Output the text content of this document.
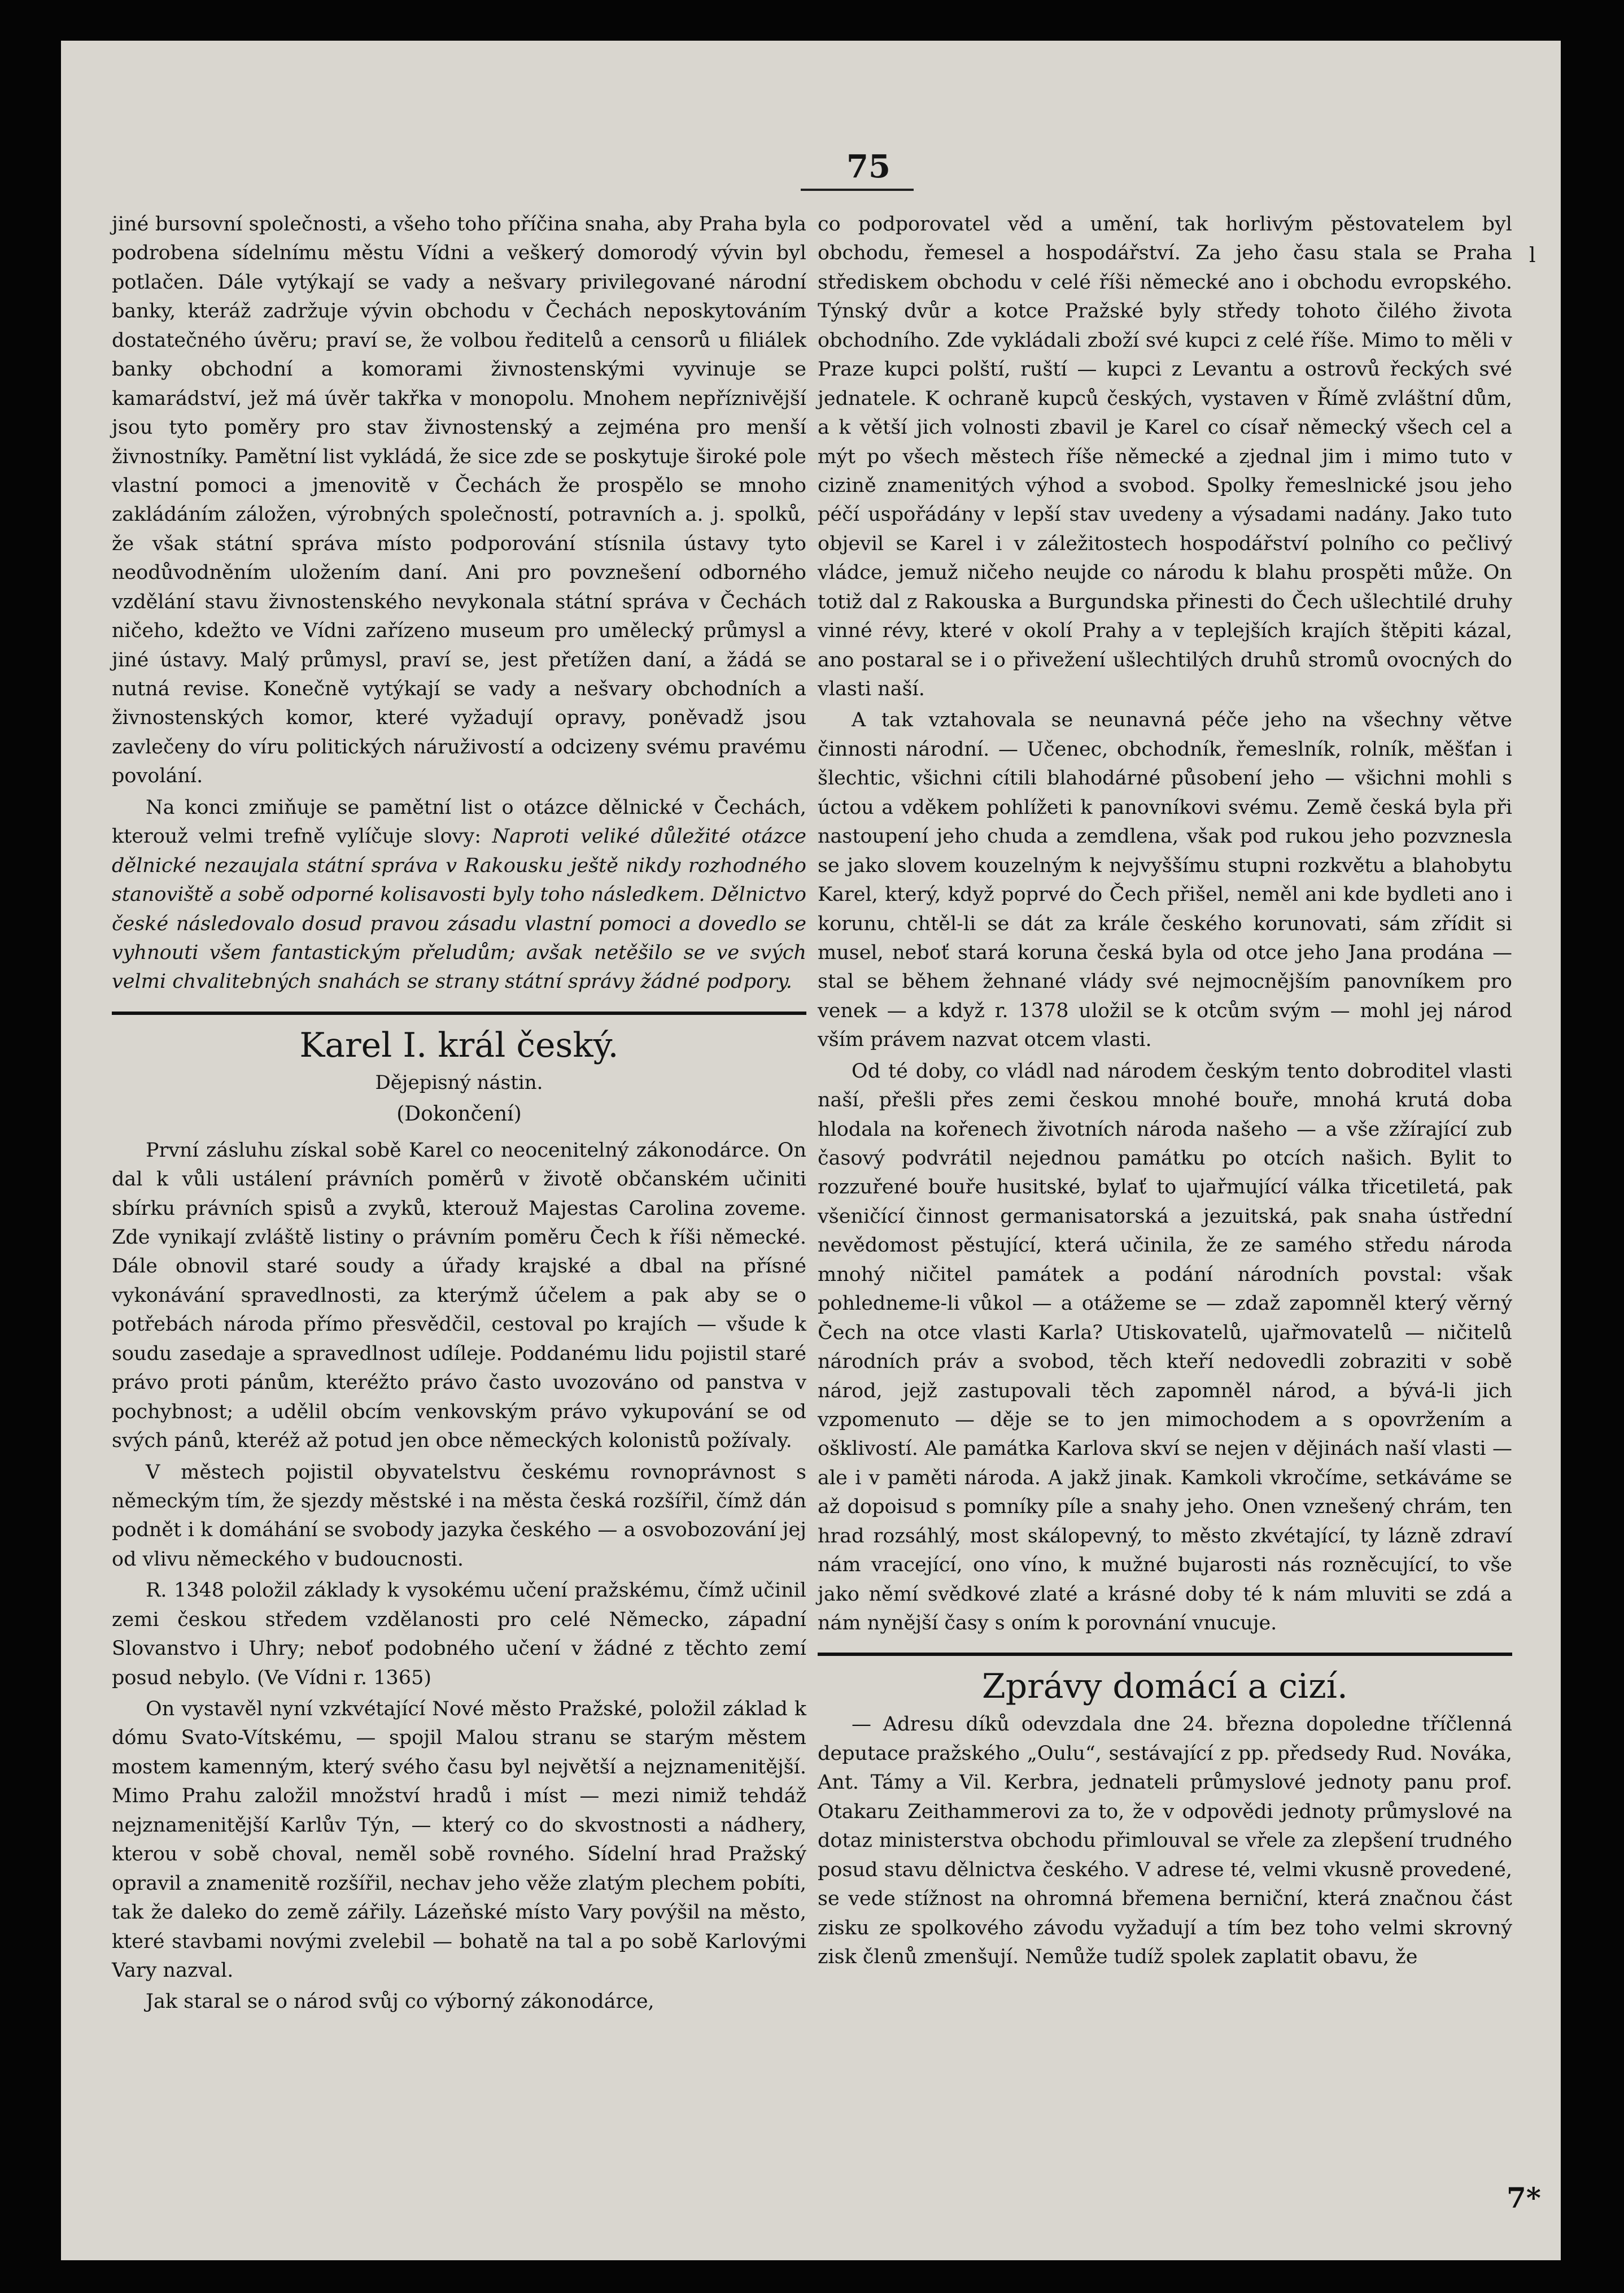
75
l

jiné bursovní společnosti, a všeho toho příčina snaha, aby Praha byla podrobena sídelnímu městu Vídni a veškerý domorodý vývin byl potlačen. Dále vytýkají se vady a nešvary privilegované národní banky, kteráž zadržuje vývin obchodu v Čechách neposkytováním dostatečného úvěru; praví se, že volbou ředitelů a censorů u filiálek banky obchodní a komorami živnostenskými vyvinuje se kamarádství, jež má úvěr takřka v monopolu. Mnohem nepříznivější jsou tyto poměry pro stav živnostenský a zejména pro menší živnostníky. Pamětní list vykládá, že sice zde se poskytuje široké pole vlastní pomoci a jmenovitě v Čechách že prospělo se mnoho zakládáním záložen, výrobných společností, potravních a. j. spolků, že však státní správa místo podporování stísnila ústavy tyto neodůvodněním uložením daní. Ani pro povznešení odborného vzdělání stavu živnostenského nevykonala státní správa v Čechách ničeho, kdežto ve Vídni zařízeno museum pro umělecký průmysl a jiné ústavy. Malý průmysl, praví se, jest přetížen daní, a žádá se nutná revise. Konečně vytýkají se vady a nešvary obchodních a živnostenských komor, které vyžadují opravy, poněvadž jsou zavlečeny do víru politických náruživostí a odcizeny svému pravému povolání.

Na konci zmiňuje se pamětní list o otázce dělnické v Čechách, kterouž velmi trefně vylíčuje slovy: Naproti veliké důležité otázce dělnické nezaujala státní správa v Rakousku ještě nikdy rozhodného stanoviště a sobě odporné kolisavosti byly toho následkem. Dělnictvo české následovalo dosud pravou zásadu vlastní pomoci a dovedlo se vyhnouti všem fantastickým přeludům; avšak netěšilo se ve svých velmi chvalitebných snahách se strany státní správy žádné podpory.

Karel I. král český.
Dějepisný nástin.
(Dokončení)

První zásluhu získal sobě Karel co neocenitelný zákonodárce. On dal k vůli ustálení právních poměrů v životě občanském učiniti sbírku právních spisů a zvyků, kterouž Majestas Carolina zoveme. Zde vynikají zvláště listiny o právním poměru Čech k říši německé. Dále obnovil staré soudy a úřady krajské a dbal na přísné vykonávání spravedlnosti, za kterýmž účelem a pak aby se o potřebách národa přímo přesvědčil, cestoval po krajích — všude k soudu zasedaje a spravedlnost udíleje. Poddanému lidu pojistil staré právo proti pánům, kteréžto právo často uvozováno od panstva v pochybnost; a udělil obcím venkovským právo vykupování se od svých pánů, kteréž až potud jen obce německých kolonistů požívaly.

V městech pojistil obyvatelstvu českému rovnoprávnost s německým tím, že sjezdy městské i na města česká rozšířil, čímž dán podnět i k domáhání se svobody jazyka českého — a osvobozování jej od vlivu německého v budoucnosti.

R. 1348 položil základy k vysokému učení pražskému, čímž učinil zemi českou středem vzdělanosti pro celé Německo, západní Slovanstvo i Uhry; neboť podobného učení v žádné z těchto zemí posud nebylo. (Ve Vídni r. 1365)

On vystavěl nyní vzkvétající Nové město Pražské, položil základ k dómu Svato-Vítskému, — spojil Malou stranu se starým městem mostem kamenným, který svého času byl největší a nejznamenitější. Mimo Prahu založil množství hradů i míst — mezi nimiž tehdáž nejznamenitější Karlův Týn, — který co do skvostnosti a nádhery, kterou v sobě choval, neměl sobě rovného. Sídelní hrad Pražský opravil a znamenitě rozšířil, nechav jeho věže zlatým plechem pobíti, tak že daleko do země zářily. Lázeňské místo Vary povýšil na město, které stavbami novými zvelebil — bohatě na tal a po sobě Karlovými Vary nazval.

Jak staral se o národ svůj co výborný zákonodárce,

co podporovatel věd a umění, tak horlivým pěstovatelem byl obchodu, řemesel a hospodářství. Za jeho času stala se Praha střediskem obchodu v celé říši německé ano i obchodu evropského. Týnský dvůr a kotce Pražské byly středy tohoto čilého života obchodního. Zde vykládali zboží své kupci z celé říše. Mimo to měli v Praze kupci polští, ruští — kupci z Levantu a ostrovů řeckých své jednatele. K ochraně kupců českých, vystaven v Římě zvláštní dům, a k větší jich volnosti zbavil je Karel co císař německý všech cel a mýt po všech městech říše německé a zjednal jim i mimo tuto v cizině znamenitých výhod a svobod. Spolky řemeslnické jsou jeho péčí uspořádány v lepší stav uvedeny a výsadami nadány. Jako tuto objevil se Karel i v záležitostech hospodářství polního co pečlivý vládce, jemuž ničeho neujde co národu k blahu prospěti může. On totiž dal z Rakouska a Burgundska přinesti do Čech ušlechtilé druhy vinné révy, které v okolí Prahy a v teplejších krajích štěpiti kázal, ano postaral se i o přivežení ušlechtilých druhů stromů ovocných do vlasti naší.

A tak vztahovala se neunavná péče jeho na všechny větve činnosti národní. — Učenec, obchodník, řemeslník, rolník, měšťan i šlechtic, všichni cítili blahodárné působení jeho — všichni mohli s úctou a vděkem pohlížeti k panovníkovi svému. Země česká byla při nastoupení jeho chuda a zemdlena, však pod rukou jeho pozvznesla se jako slovem kouzelným k nejvyššímu stupni rozkvětu a blahobytu Karel, který, když poprvé do Čech přišel, neměl ani kde bydleti ano i korunu, chtěl-li se dát za krále českého korunovati, sám zřídit si musel, neboť stará koruna česká byla od otce jeho Jana prodána — stal se během žehnané vlády své nejmocnějším panovníkem pro venek — a když r. 1378 uložil se k otcům svým — mohl jej národ vším právem nazvat otcem vlasti.

Od té doby, co vládl nad národem českým tento dobroditel vlasti naší, přešli přes zemi českou mnohé bouře, mnohá krutá doba hlodala na kořenech životních národa našeho — a vše zžírající zub časový podvrátil nejednou památku po otcích našich. Bylit to rozzuřené bouře husitské, bylať to ujařmující válka třicetiletá, pak všeničící činnost germanisatorská a jezuitská, pak snaha ústřední nevědomost pěstující, která učinila, že ze samého středu národa mnohý ničitel památek a podání národních povstal: však pohledneme-li vůkol — a otážeme se — zdaž zapomněl který věrný Čech na otce vlasti Karla? Utiskovatelů, ujařmovatelů — ničitelů národních práv a svobod, těch kteří nedovedli zobraziti v sobě národ, jejž zastupovali těch zapomněl národ, a bývá-li jich vzpomenuto — děje se to jen mimochodem a s opovržením a ošklivostí. Ale památka Karlova skví se nejen v dějinách naší vlasti — ale i v paměti národa. A jakž jinak. Kamkoli vkročíme, setkáváme se až dopoisud s pomníky píle a snahy jeho. Onen vznešený chrám, ten hrad rozsáhlý, most skálopevný, to město zkvétající, ty lázně zdraví nám vracející, ono víno, k mužné bujarosti nás rozněcující, to vše jako němí svědkové zlaté a krásné doby té k nám mluviti se zdá a nám nynější časy s oním k porovnání vnucuje.

Zprávy domácí a cizí.

— Adresu díků odevzdala dne 24. března dopoledne tříčlenná deputace pražského „Oulu“, sestávající z pp. předsedy Rud. Nováka, Ant. Támy a Vil. Kerbra, jednateli průmyslové jednoty panu prof. Otakaru Zeithammerovi za to, že v odpovědi jednoty průmyslové na dotaz ministerstva obchodu přimlouval se vřele za zlepšení trudného posud stavu dělnictva českého. V adrese té, velmi vkusně provedené, se vede stížnost na ohromná břemena berniční, která značnou část zisku ze spolkového závodu vyžadují a tím bez toho velmi skrovný zisk členů zmenšují. Nemůže tudíž spolek zaplatit obavu, že

7*
